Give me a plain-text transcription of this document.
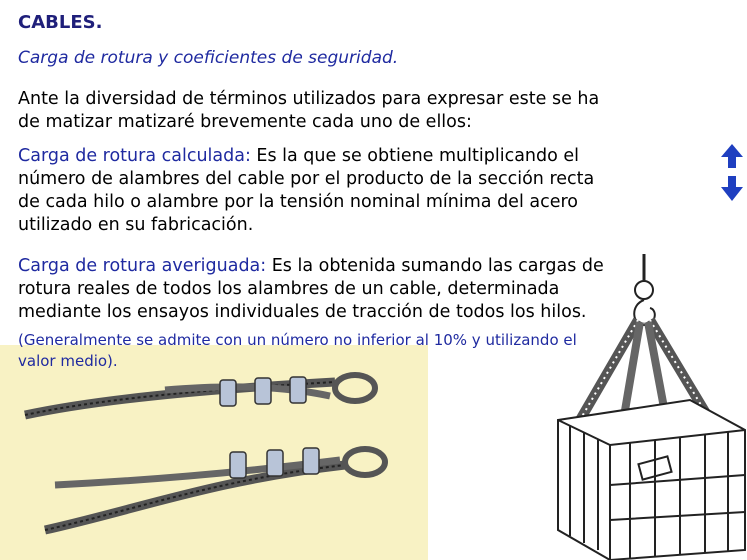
CABLES.
Carga de rotura y coeficientes de seguridad.

Ante la diversidad de términos utilizados para expresar este se ha de matizar matizaré brevemente cada uno de ellos:

Carga de rotura calculada: Es la que se obtiene multiplicando el número de alambres del cable por el producto de la sección recta de cada hilo o alambre por la tensión nominal mínima del acero utilizado en su fabricación.

Carga de rotura averiguada: Es la obtenida sumando las cargas de rotura reales de todos los alambres de un cable, determinada mediante los ensayos individuales de tracción de todos los hilos.

(Generalmente se admite con un número no inferior al 10% y utilizando el valor medio).
